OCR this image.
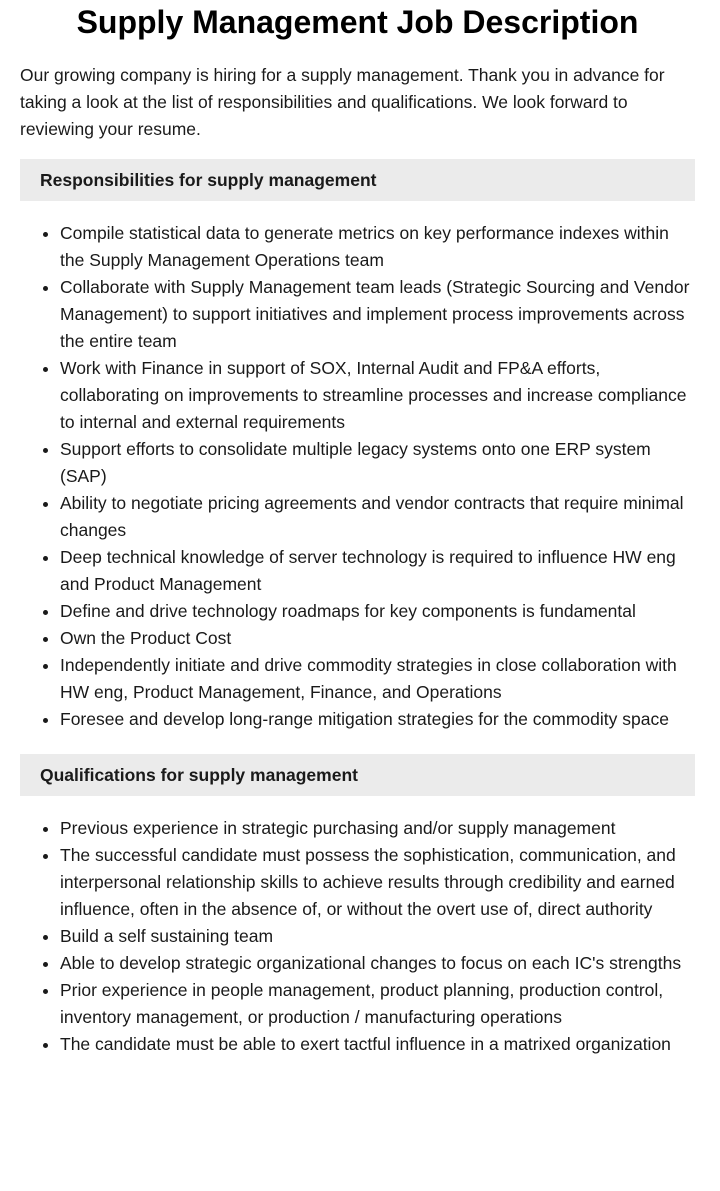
Supply Management Job Description

Our growing company is hiring for a supply management. Thank you in advance for taking a look at the list of responsibilities and qualifications. We look forward to reviewing your resume.

Responsibilities for supply management
Compile statistical data to generate metrics on key performance indexes within the Supply Management Operations team
Collaborate with Supply Management team leads (Strategic Sourcing and Vendor Management) to support initiatives and implement process improvements across the entire team
Work with Finance in support of SOX, Internal Audit and FP&A efforts, collaborating on improvements to streamline processes and increase compliance to internal and external requirements
Support efforts to consolidate multiple legacy systems onto one ERP system (SAP)
Ability to negotiate pricing agreements and vendor contracts that require minimal changes
Deep technical knowledge of server technology is required to influence HW eng and Product Management
Define and drive technology roadmaps for key components is fundamental
Own the Product Cost
Independently initiate and drive commodity strategies in close collaboration with HW eng, Product Management, Finance, and Operations
Foresee and develop long-range mitigation strategies for the commodity space
Qualifications for supply management
Previous experience in strategic purchasing and/or supply management
The successful candidate must possess the sophistication, communication, and interpersonal relationship skills to achieve results through credibility and earned influence, often in the absence of, or without the overt use of, direct authority
Build a self sustaining team
Able to develop strategic organizational changes to focus on each IC's strengths
Prior experience in people management, product planning, production control, inventory management, or production / manufacturing operations
The candidate must be able to exert tactful influence in a matrixed organization
